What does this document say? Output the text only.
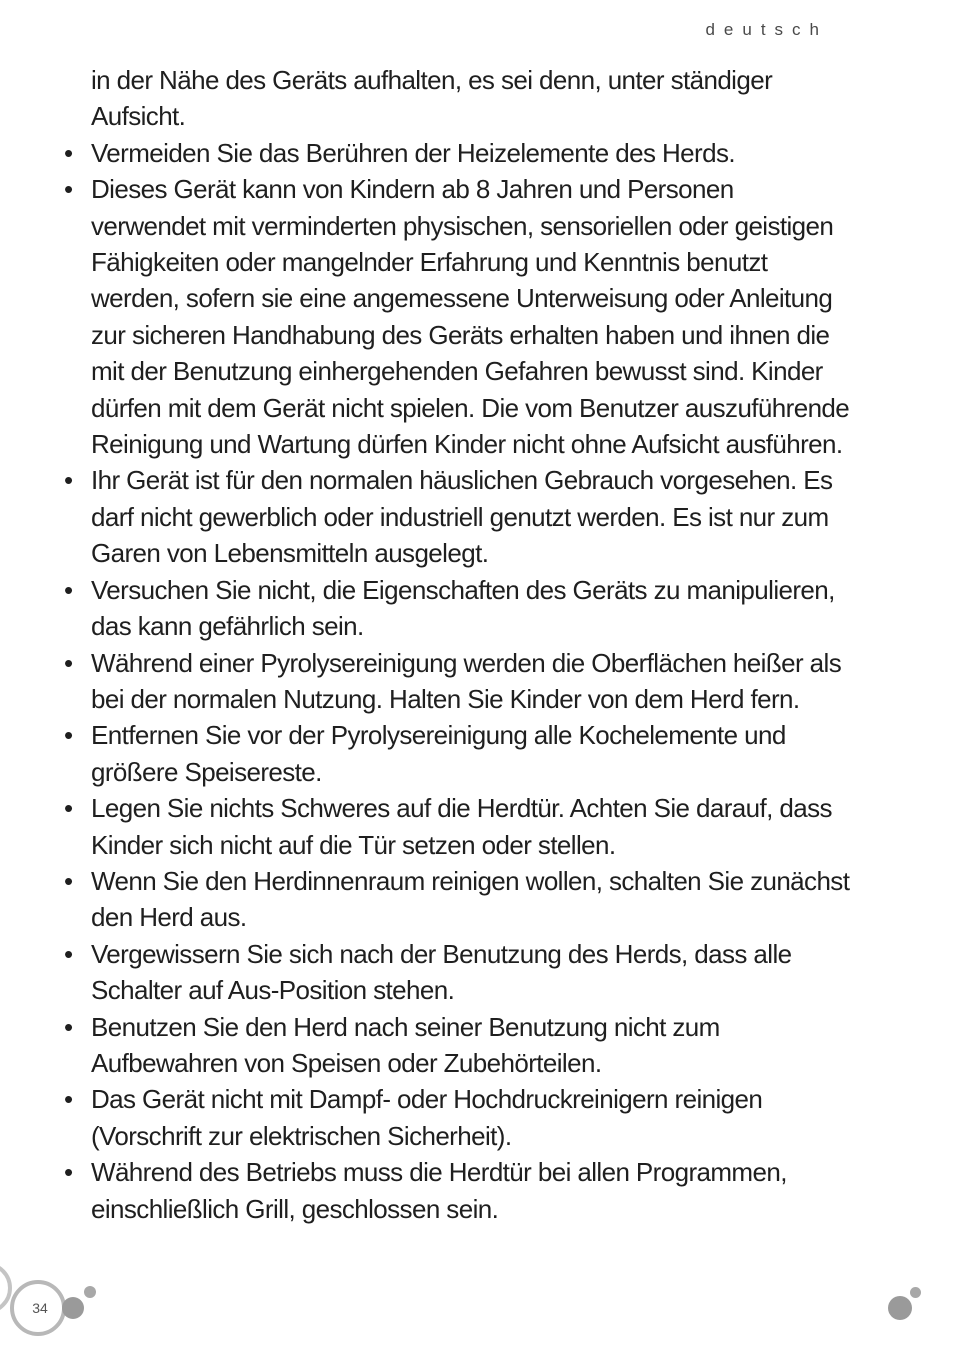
deutsch

in der Nähe des Geräts aufhalten, es sei denn, unter ständiger Aufsicht.

• Vermeiden Sie das Berühren der Heizelemente des Herds.
• Dieses Gerät kann von Kindern ab 8 Jahren und Personen verwendet mit verminderten physischen, sensoriellen oder geistigen Fähigkeiten oder mangelnder Erfahrung und Kenntnis benutzt werden, sofern sie eine angemessene Unterweisung oder Anleitung zur sicheren Handhabung des Geräts erhalten haben und ihnen die mit der Benutzung einhergehenden Gefahren bewusst sind. Kinder dürfen mit dem Gerät nicht spielen. Die vom Benutzer auszuführende Reinigung und Wartung dürfen Kinder nicht ohne Aufsicht ausführen.
• Ihr Gerät ist für den normalen häuslichen Gebrauch vorgesehen. Es darf nicht gewerblich oder industriell genutzt werden. Es ist nur zum Garen von Lebensmitteln ausgelegt.
• Versuchen Sie nicht, die Eigenschaften des Geräts zu manipulieren, das kann gefährlich sein.
• Während einer Pyrolysereinigung werden die Oberflächen heißer als bei der normalen Nutzung. Halten Sie Kinder von dem Herd fern.
• Entfernen Sie vor der Pyrolysereinigung alle Kochelemente und größere Speisereste.
• Legen Sie nichts Schweres auf die Herdtür. Achten Sie darauf, dass Kinder sich nicht auf die Tür setzen oder stellen.
• Wenn Sie den Herdinnenraum reinigen wollen, schalten Sie zunächst den Herd aus.
• Vergewissern Sie sich nach der Benutzung des Herds, dass alle Schalter auf Aus-Position stehen.
• Benutzen Sie den Herd nach seiner Benutzung nicht zum Aufbewahren von Speisen oder Zubehörteilen.
• Das Gerät nicht mit Dampf- oder Hochdruckreinigern reinigen (Vorschrift zur elektrischen Sicherheit).
• Während des Betriebs muss die Herdtür bei allen Programmen, einschließlich Grill, geschlossen sein.
34
